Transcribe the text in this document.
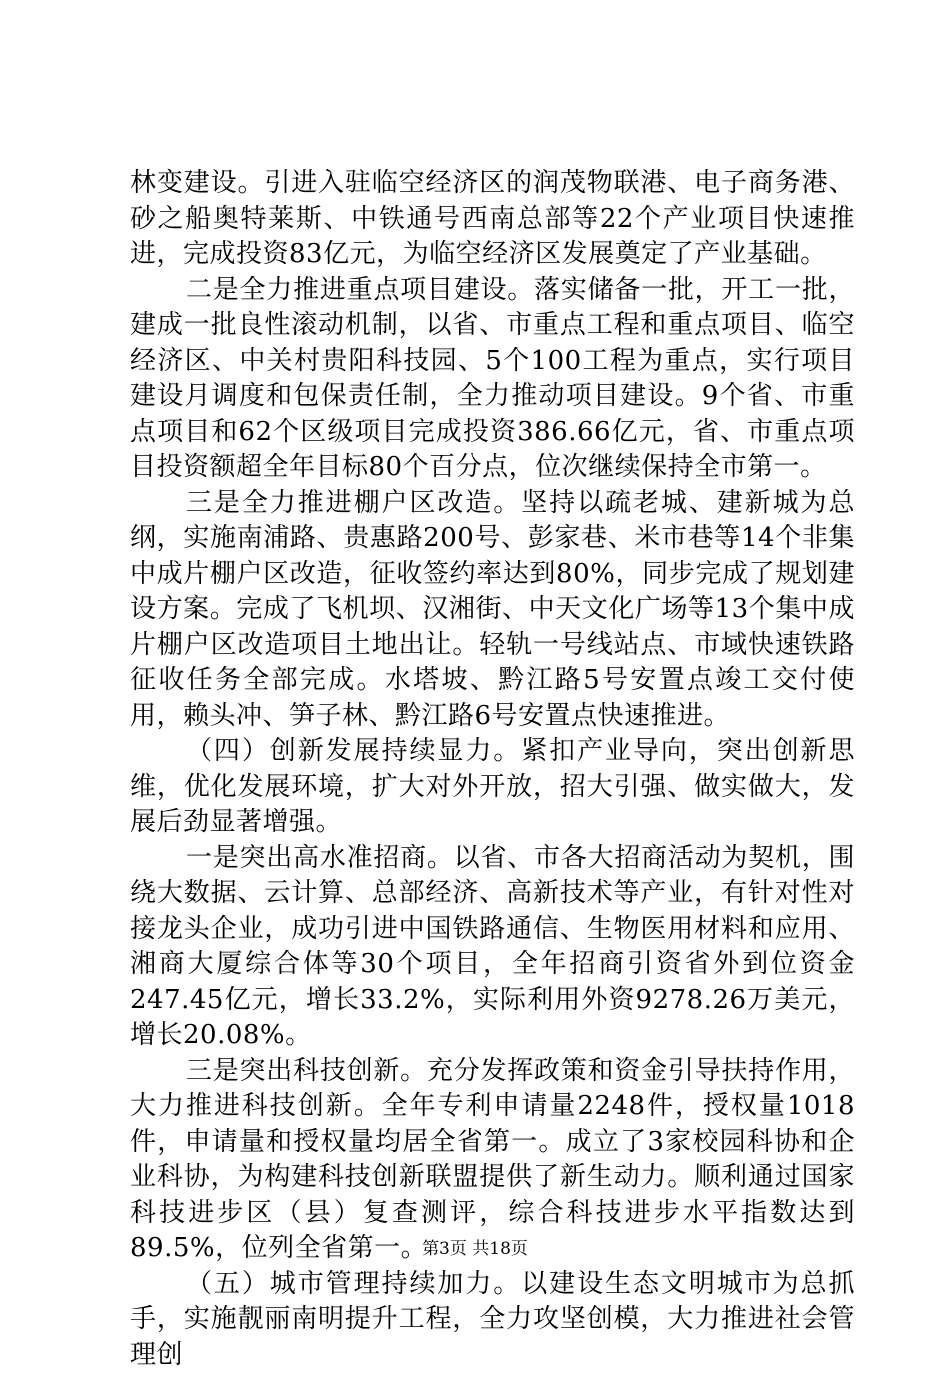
林变建设。引进入驻临空经济区的润茂物联港、电子商务港、砂之船奥特莱斯、中铁通号西南总部等22个产业项目快速推进，完成投资83亿元，为临空经济区发展奠定了产业基础。

二是全力推进重点项目建设。落实储备一批，开工一批，建成一批良性滚动机制，以省、市重点工程和重点项目、临空经济区、中关村贵阳科技园、5个100工程为重点，实行项目建设月调度和包保责任制，全力推动项目建设。9个省、市重点项目和62个区级项目完成投资386.66亿元，省、市重点项目投资额超全年目标80个百分点，位次继续保持全市第一。

三是全力推进棚户区改造。坚持以疏老城、建新城为总纲，实施南浦路、贵惠路200号、彭家巷、米市巷等14个非集中成片棚户区改造，征收签约率达到80%，同步完成了规划建设方案。完成了飞机坝、汉湘街、中天文化广场等13个集中成片棚户区改造项目土地出让。轻轨一号线站点、市域快速铁路征收任务全部完成。水塔坡、黔江路5号安置点竣工交付使用，赖头冲、笋子林、黔江路6号安置点快速推进。

（四）创新发展持续显力。紧扣产业导向，突出创新思维，优化发展环境，扩大对外开放，招大引强、做实做大，发展后劲显著增强。

一是突出高水准招商。以省、市各大招商活动为契机，围绕大数据、云计算、总部经济、高新技术等产业，有针对性对接龙头企业，成功引进中国铁路通信、生物医用材料和应用、湘商大厦综合体等30个项目，全年招商引资省外到位资金247.45亿元，增长33.2%，实际利用外资9278.26万美元，增长20.08%。

三是突出科技创新。充分发挥政策和资金引导扶持作用，大力推进科技创新。全年专利申请量2248件，授权量1018件，申请量和授权量均居全省第一。成立了3家校园科协和企业科协，为构建科技创新联盟提供了新生动力。顺利通过国家科技进步区（县）复查测评，综合科技进步水平指数达到89.5%，位列全省第一。

（五）城市管理持续加力。以建设生态文明城市为总抓手，实施靓丽南明提升工程，全力攻坚创模，大力推进社会管理创

第3页 共18页
